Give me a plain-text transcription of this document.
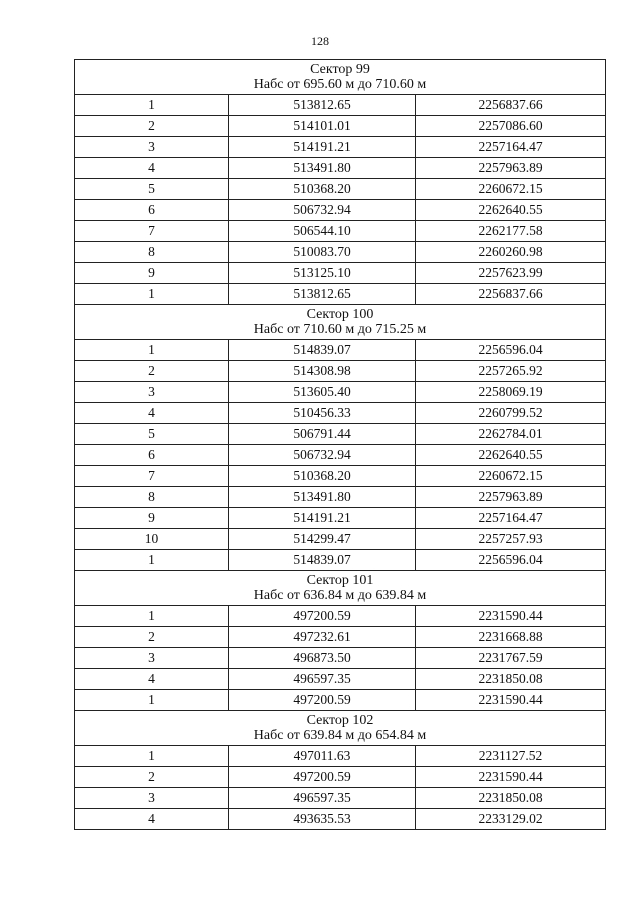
128
Сектор 99
Набс от 695.60 м до 710.60 м		

1	513812.65	2256837.66
2	514101.01	2257086.60
3	514191.21	2257164.47
4	513491.80	2257963.89
5	510368.20	2260672.15
6	506732.94	2262640.55
7	506544.10	2262177.58
8	510083.70	2260260.98
9	513125.10	2257623.99
1	513812.65	2256837.66

Сектор 100
Набс от 710.60 м до 715.25 м		

1	514839.07	2256596.04
2	514308.98	2257265.92
3	513605.40	2258069.19
4	510456.33	2260799.52
5	506791.44	2262784.01
6	506732.94	2262640.55
7	510368.20	2260672.15
8	513491.80	2257963.89
9	514191.21	2257164.47
10	514299.47	2257257.93
1	514839.07	2256596.04

Сектор 101
Набс от 636.84 м до 639.84 м		

1	497200.59	2231590.44
2	497232.61	2231668.88
3	496873.50	2231767.59
4	496597.35	2231850.08
1	497200.59	2231590.44

Сектор 102
Набс от 639.84 м до 654.84 м		

1	497011.63	2231127.52
2	497200.59	2231590.44
3	496597.35	2231850.08
4	493635.53	2233129.02
